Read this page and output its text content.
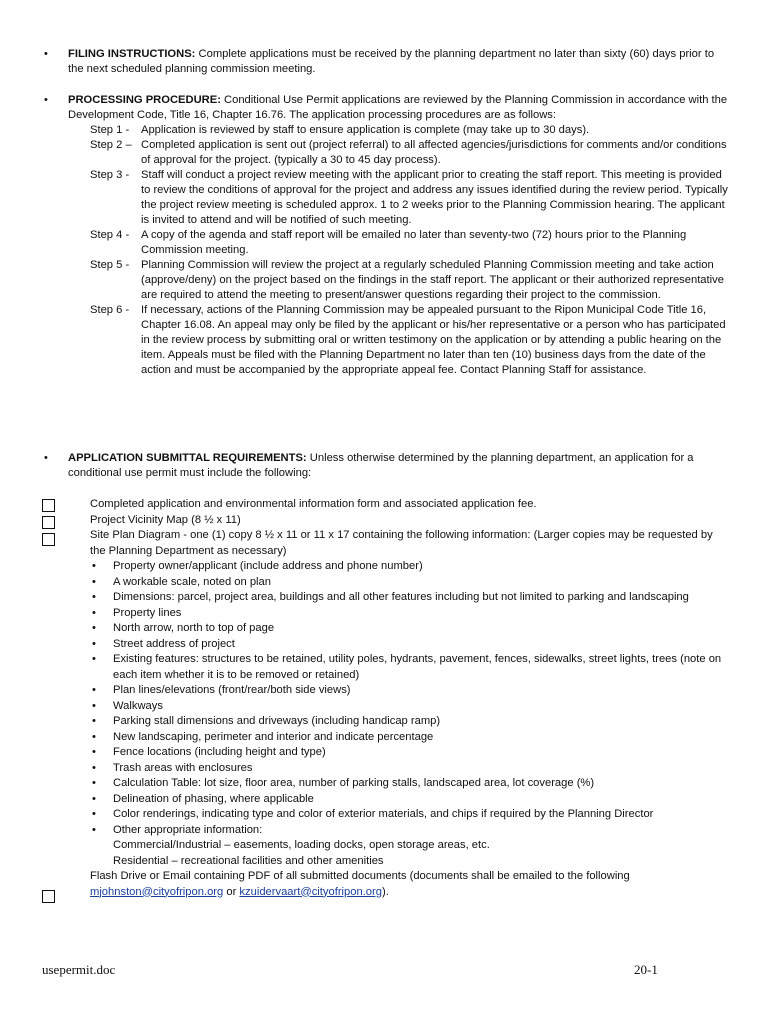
• FILING INSTRUCTIONS: Complete applications must be received by the planning department no later than sixty (60) days prior to the next scheduled planning commission meeting.
• PROCESSING PROCEDURE: Conditional Use Permit applications are reviewed by the Planning Commission in accordance with the Development Code, Title 16, Chapter 16.76. The application processing procedures are as follows:
Step 1 - Application is reviewed by staff to ensure application is complete (may take up to 30 days).
Step 2 – Completed application is sent out (project referral) to all affected agencies/jurisdictions for comments and/or conditions of approval for the project. (typically a 30 to 45 day process).
Step 3 - Staff will conduct a project review meeting with the applicant prior to creating the staff report. This meeting is provided to review the conditions of approval for the project and address any issues identified during the review period. Typically the project review meeting is scheduled approx. 1 to 2 weeks prior to the Planning Commission hearing. The applicant is invited to attend and will be notified of such meeting.
Step 4 - A copy of the agenda and staff report will be emailed no later than seventy-two (72) hours prior to the Planning Commission meeting.
Step 5 - Planning Commission will review the project at a regularly scheduled Planning Commission meeting and take action (approve/deny) on the project based on the findings in the staff report. The applicant or their authorized representative are required to attend the meeting to present/answer questions regarding their project to the commission.
Step 6 - If necessary, actions of the Planning Commission may be appealed pursuant to the Ripon Municipal Code Title 16, Chapter 16.08. An appeal may only be filed by the applicant or his/her representative or a person who has participated in the review process by submitting oral or written testimony on the application or by attending a public hearing on the item. Appeals must be filed with the Planning Department no later than ten (10) business days from the date of the action and must be accompanied by the appropriate appeal fee. Contact Planning Staff for assistance.
• APPLICATION SUBMITTAL REQUIREMENTS: Unless otherwise determined by the planning department, an application for a conditional use permit must include the following:
Completed application and environmental information form and associated application fee.
Project Vicinity Map (8 ½ x 11)
Site Plan Diagram - one (1) copy 8 ½ x 11 or 11 x 17 containing the following information: (Larger copies may be requested by the Planning Department as necessary)
• Property owner/applicant (include address and phone number)
• A workable scale, noted on plan
• Dimensions: parcel, project area, buildings and all other features including but not limited to parking and landscaping
• Property lines
• North arrow, north to top of page
• Street address of project
• Existing features: structures to be retained, utility poles, hydrants, pavement, fences, sidewalks, street lights, trees (note on each item whether it is to be removed or retained)
• Plan lines/elevations (front/rear/both side views)
• Walkways
• Parking stall dimensions and driveways (including handicap ramp)
• New landscaping, perimeter and interior and indicate percentage
• Fence locations (including height and type)
• Trash areas with enclosures
• Calculation Table: lot size, floor area, number of parking stalls, landscaped area, lot coverage (%)
• Delineation of phasing, where applicable
• Color renderings, indicating type and color of exterior materials, and chips if required by the Planning Director
• Other appropriate information:
Commercial/Industrial – easements, loading docks, open storage areas, etc.
Residential – recreational facilities and other amenities
Flash Drive or Email containing PDF of all submitted documents (documents shall be emailed to the following mjohnston@cityofripon.org or kzuidervaart@cityofripon.org).
usepermit.doc	20-1
